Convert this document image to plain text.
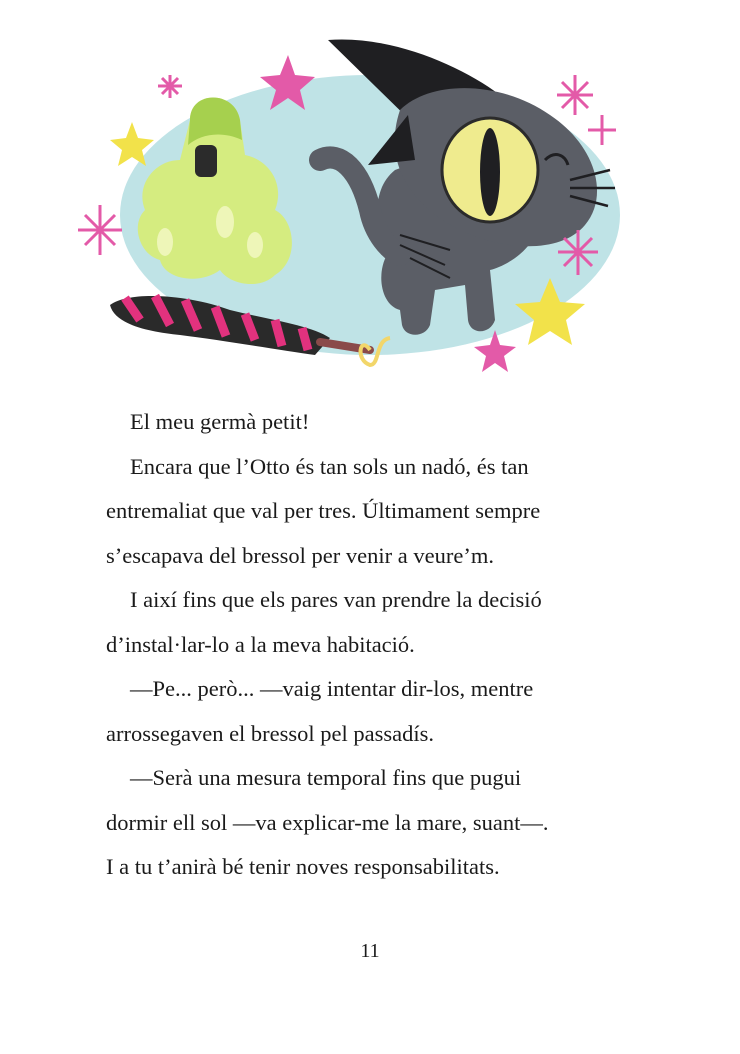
El meu germà petit!

Encara que l’Otto és tan sols un nadó, és tan
entremaliat que val per tres. Últimament sempre
s’escapava del bressol per venir a veure’m.

I així fins que els pares van prendre la decisió
d’instal·lar-lo a la meva habitació.

—Pe... però... —vaig intentar dir-los, mentre
arrossegaven el bressol pel passadís.

—Serà una mesura temporal fins que pugui
dormir ell sol —va explicar-me la mare, suant—.
I a tu t’anirà bé tenir noves responsabilitats.

11
